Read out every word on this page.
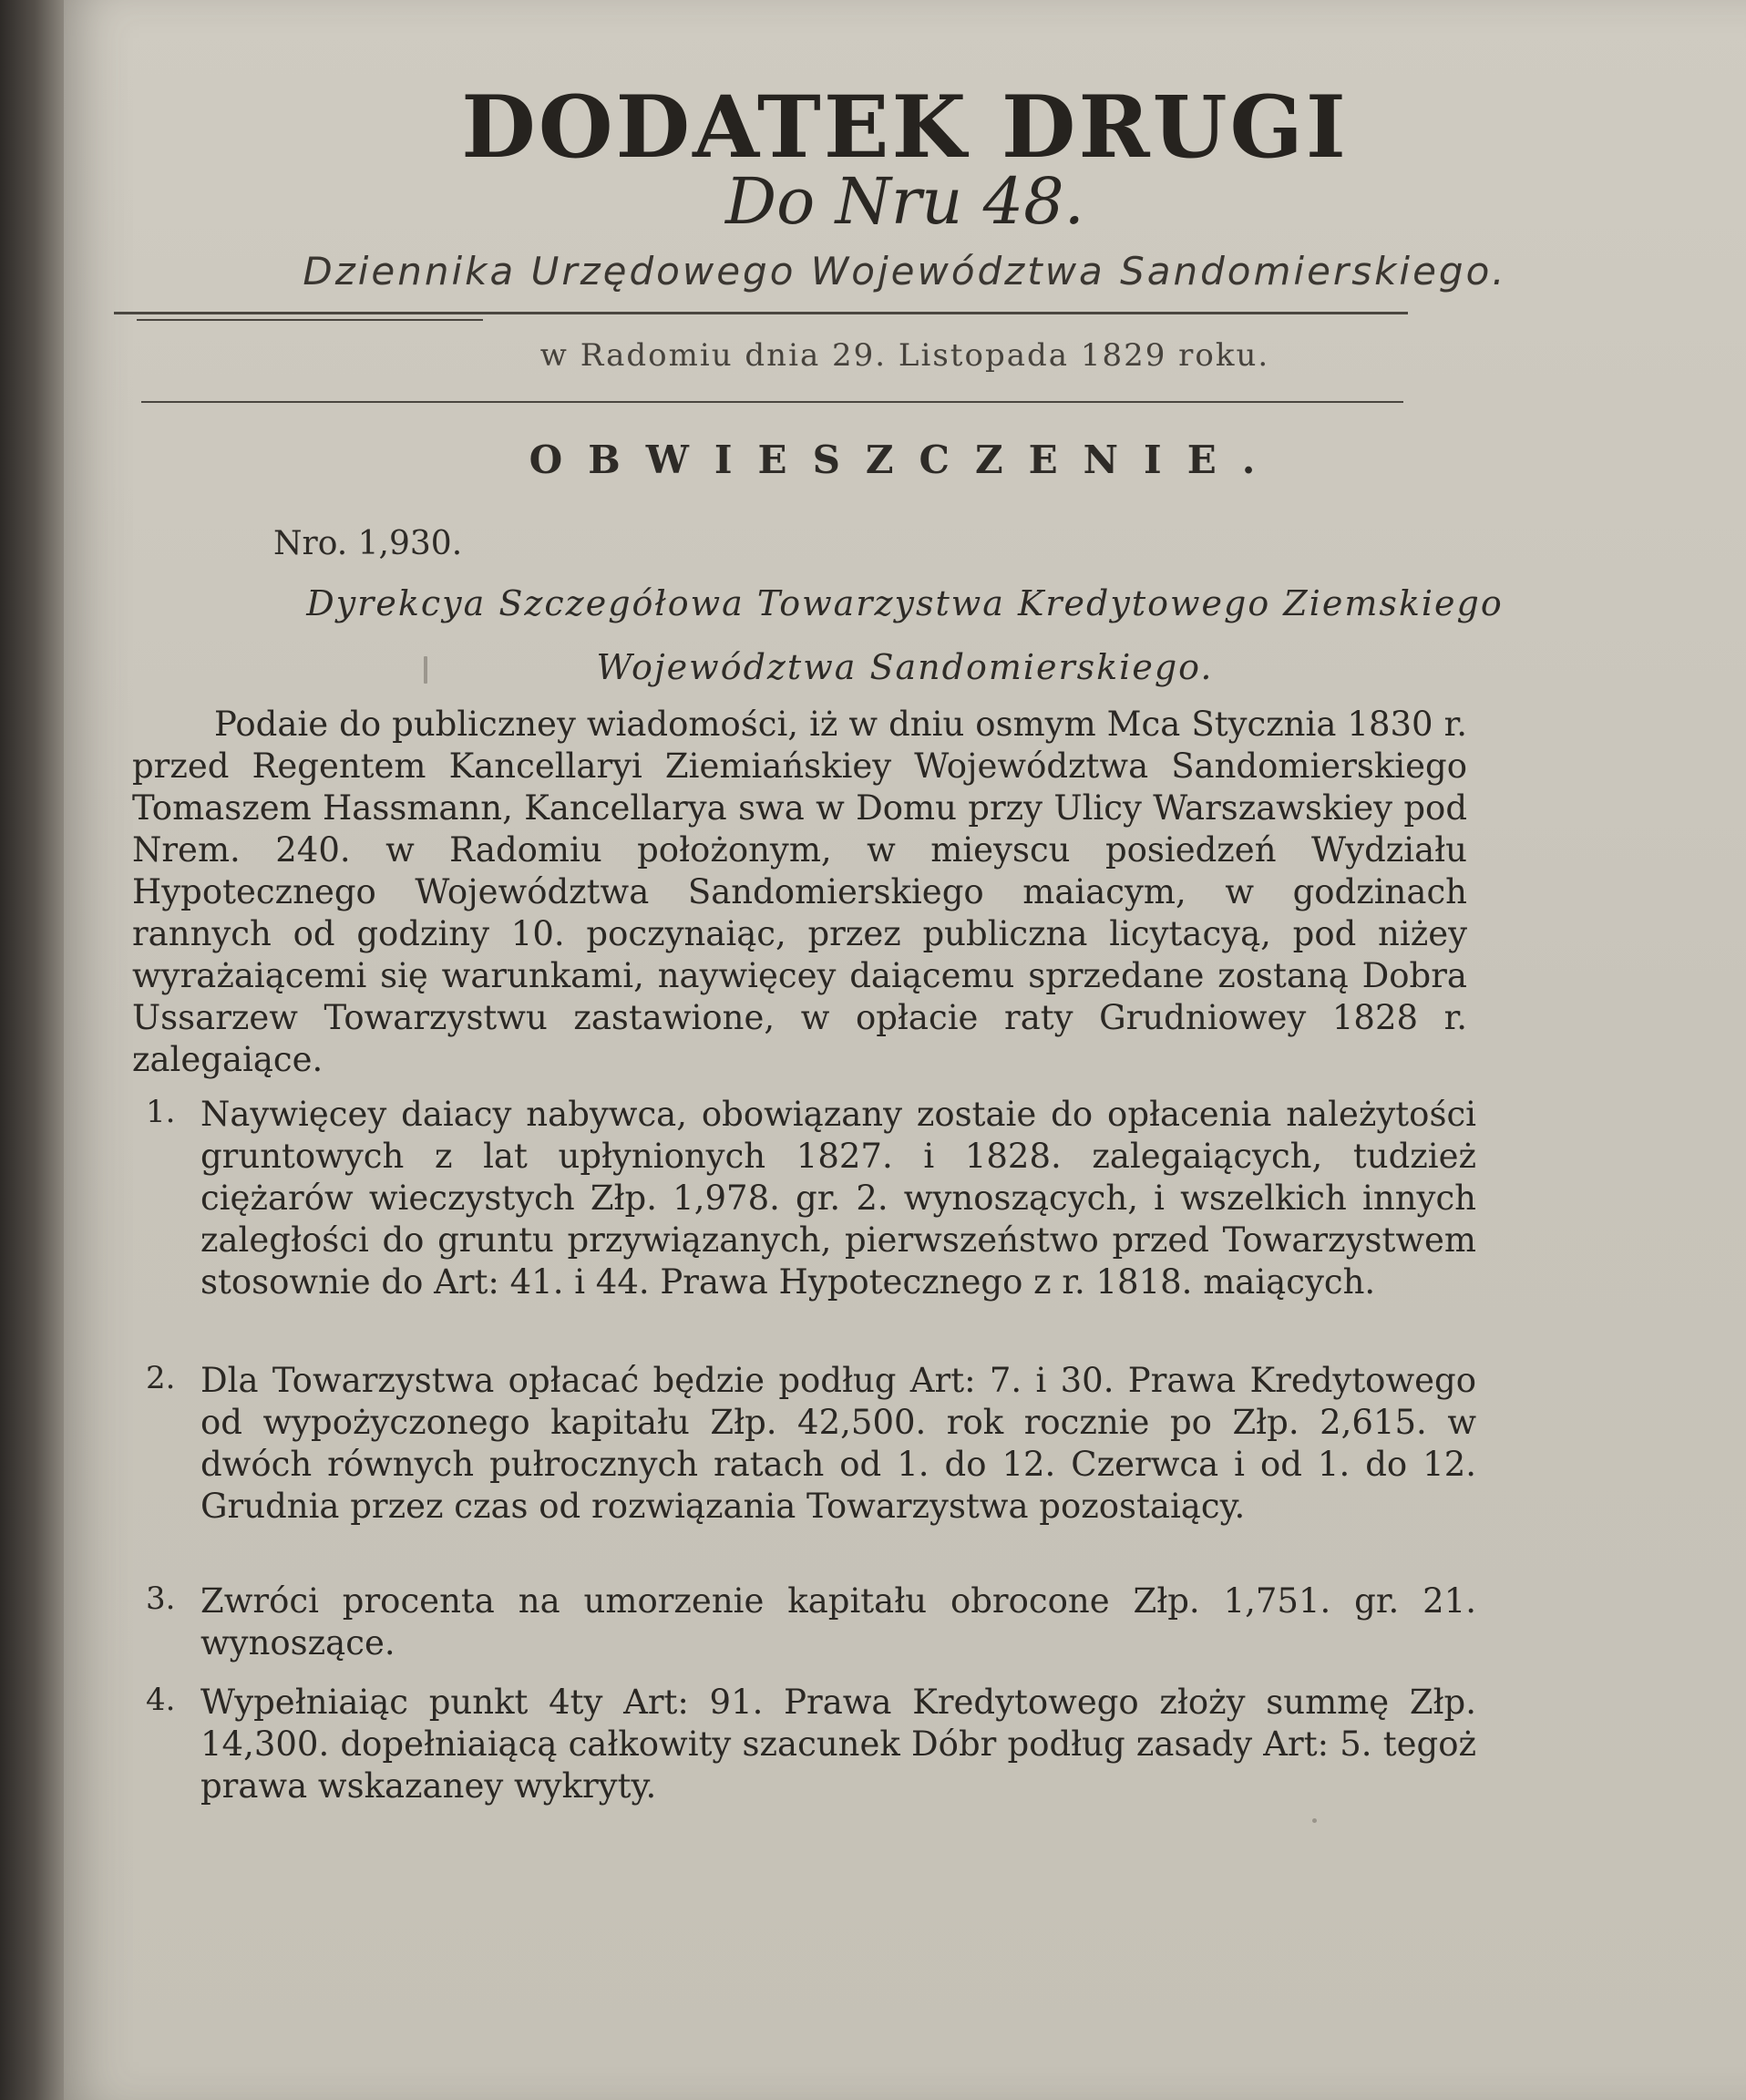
DODATEK DRUGI
Do Nru 48.
Dziennika Urzędowego Województwa Sandomierskiego.
w Radomiu dnia 29. Listopada 1829 roku.
OBWIESZCZENIE.
Nro. 1,930.
Dyrekcya Szczegółowa Towarzystwa Kredytowego Ziemskiego
Województwa Sandomierskiego.
Podaie do publiczney wiadomości, iż w dniu osmym Mca Stycznia 1830 r. przed Regentem Kancellaryi Ziemiańskiey Województwa Sandomierskiego Tomaszem Hassmann, Kancellarya swa w Domu przy Ulicy Warszawskiey pod Nrem. 240. w Radomiu położonym, w mieyscu posiedzeń Wydziału Hypotecznego Województwa Sandomierskiego maiacym, w godzinach rannych od godziny 10. poczynaiąc, przez publiczna licytacyą, pod niżey wyrażaiącemi się warunkami, naywięcey daiącemu sprzedane zostaną Dobra Ussarzew Towarzystwu zastawione, w opłacie raty Grudniowey 1828 r. zalegaiące.
1. Naywięcey daiacy nabywca, obowiązany zostaie do opłacenia należytości gruntowych z lat upłynionych 1827. i 1828. zalegaiących, tudzież ciężarów wieczystych Złp. 1,978. gr. 2. wynoszących, i wszelkich innych zaległości do gruntu przywiązanych, pierwszeństwo przed Towarzystwem stosownie do Art: 41. i 44. Prawa Hypotecznego z r. 1818. maiących.
2. Dla Towarzystwa opłacać będzie podług Art: 7. i 30. Prawa Kredytowego od wypożyczonego kapitału Złp. 42,500. rok rocznie po Złp. 2,615. w dwóch równych pułrocznych ratach od 1. do 12. Czerwca i od 1. do 12. Grudnia przez czas od rozwiązania Towarzystwa pozostaiący.
3. Zwróci procenta na umorzenie kapitału obrocone Złp. 1,751. gr. 21. wynoszące.
4. Wypełniaiąc punkt 4ty Art: 91. Prawa Kredytowego złoży summę Złp. 14,300. dopełniaiącą całkowity szacunek Dóbr podług zasady Art: 5. tegoż prawa wskazaney wykryty.
